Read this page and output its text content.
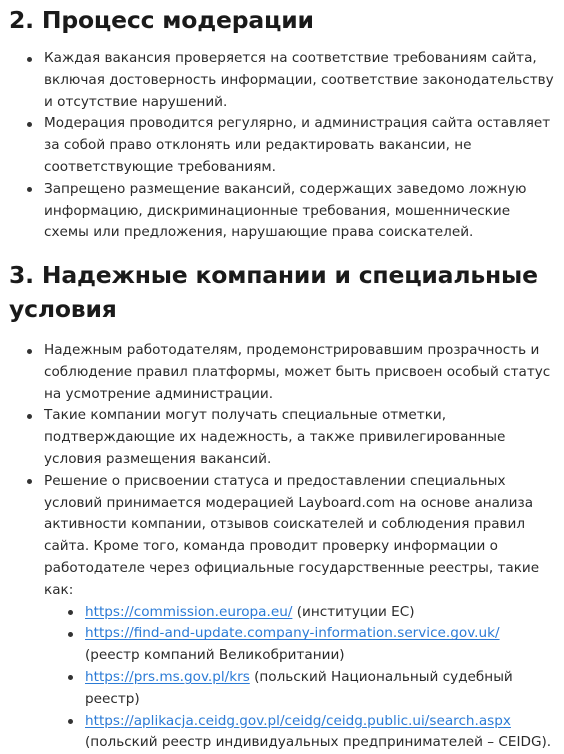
2. Процесс модерации
Каждая вакансия проверяется на соответствие требованиям сайта, включая достоверность информации, соответствие законодательству и отсутствие нарушений.
Модерация проводится регулярно, и администрация сайта оставляет за собой право отклонять или редактировать вакансии, не соответствующие требованиям.
Запрещено размещение вакансий, содержащих заведомо ложную информацию, дискриминационные требования, мошеннические схемы или предложения, нарушающие права соискателей.
3. Надежные компании и специальные условия
Надежным работодателям, продемонстрировавшим прозрачность и соблюдение правил платформы, может быть присвоен особый статус на усмотрение администрации.
Такие компании могут получать специальные отметки, подтверждающие их надежность, а также привилегированные условия размещения вакансий.
Решение о присвоении статуса и предоставлении специальных условий принимается модерацией Layboard.com на основе анализа активности компании, отзывов соискателей и соблюдения правил сайта. Кроме того, команда проводит проверку информации о работодателе через официальные государственные реестры, такие как:
https://commission.europa.eu/ (институции ЕС)
https://find-and-update.company-information.service.gov.uk/ (реестр компаний Великобритании)
https://prs.ms.gov.pl/krs (польский Национальный судебный реестр)
https://aplikacja.ceidg.gov.pl/ceidg/ceidg.public.ui/search.aspx (польский реестр индивидуальных предпринимателей – CEIDG).
